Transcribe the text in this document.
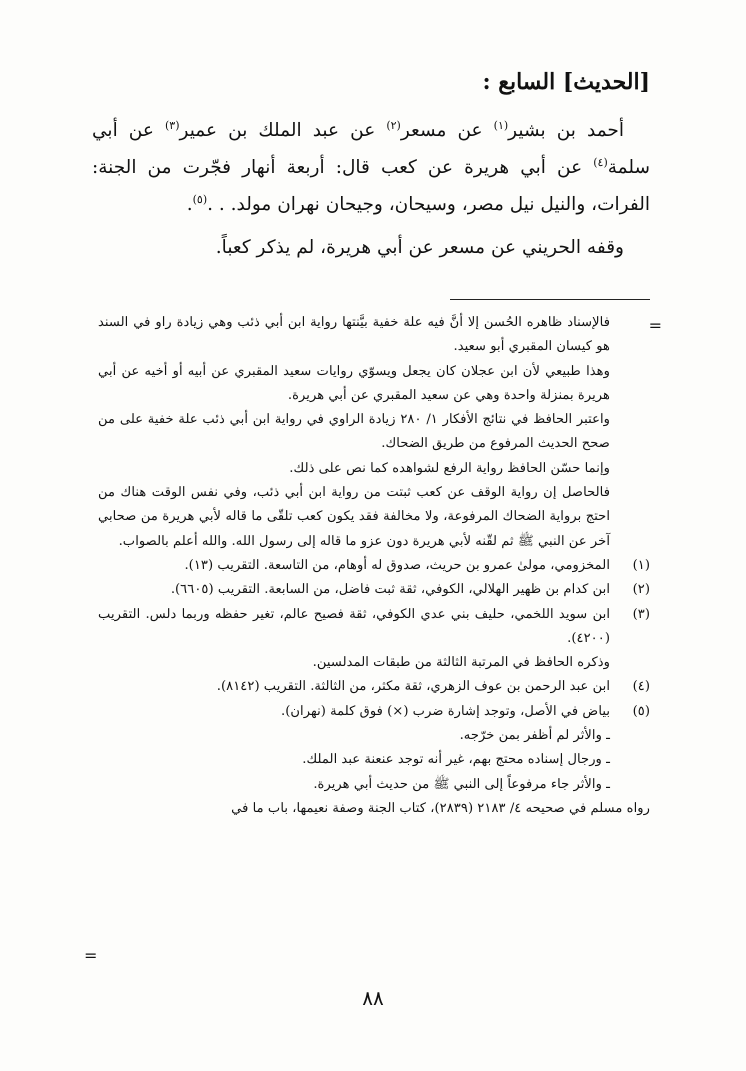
[الحديث] السابع :

أحمد بن بشير$^{(١)}$ عن مسعر$^{(٢)}$ عن عبد الملك بن عمير$^{(٣)}$ عن أبي سلمة$^{(٤)}$ عن أبي هريرة عن كعب قال: أربعة أنهار فجّرت من الجنة: الفرات، والنيل نيل مصر، وسيحان، وجيحان نهران مولد. . .$^{(٥)}$.

وقفه الحريني عن مسعر عن أبي هريرة، لم يذكر كعباً.

=
فالإسناد ظاهره الحُسن إلا أنَّ فيه علة خفية بيَّنتها رواية ابن أبي ذئب وهي زيادة راو في السند هو كيسان المقبري أبو سعيد.
وهذا طبيعي لأن ابن عجلان كان يجعل ويسوّي روايات سعيد المقبري عن أبيه أو أخيه عن أبي هريرة بمنزلة واحدة وهي عن سعيد المقبري عن أبي هريرة.
واعتبر الحافظ في نتائج الأفكار ١/ ٢٨٠ زيادة الراوي في رواية ابن أبي ذئب علة خفية على من صحح الحديث المرفوع من طريق الضحاك.
وإنما حسّن الحافظ رواية الرفع لشواهده كما نص على ذلك.
فالحاصل إن رواية الوقف عن كعب ثبتت من رواية ابن أبي ذئب، وفي نفس الوقت هناك من احتج برواية الضحاك المرفوعة، ولا مخالفة فقد يكون كعب تلقّى ما قاله لأبي هريرة من صحابي آخر عن النبي ﷺ ثم لقّنه لأبي هريرة دون عزو ما قاله إلى رسول الله. والله أعلم بالصواب.
(١)
المخزومي، مولىٰ عمرو بن حريث، صدوق له أوهام، من التاسعة. التقريب (١٣).
(٢)
ابن كدام بن ظهير الهلالي، الكوفي، ثقة ثبت فاضل، من السابعة. التقريب (٦٦٠٥).
(٣)
ابن سويد اللخمي، حليف بني عدي الكوفي، ثقة فصيح عالم، تغير حفظه وربما دلس. التقريب (٤٢٠٠).
وذكره الحافظ في المرتبة الثالثة من طبقات المدلسين.
(٤)
ابن عبد الرحمن بن عوف الزهري، ثقة مكثر، من الثالثة. التقريب (٨١٤٢).
(٥)
بياض في الأصل، وتوجد إشارة ضرب (×) فوق كلمة (نهران).
ـ والأثر لم أظفر بمن خرّجه.
ـ ورجال إسناده محتج بهم، غير أنه توجد عنعنة عبد الملك.
ـ والأثر جاء مرفوعاً إلى النبي ﷺ من حديث أبي هريرة.
رواه مسلم في صحيحه ٤/ ٢١٨٣ (٢٨٣٩)، كتاب الجنة وصفة نعيمها، باب ما في
=
٨٨
